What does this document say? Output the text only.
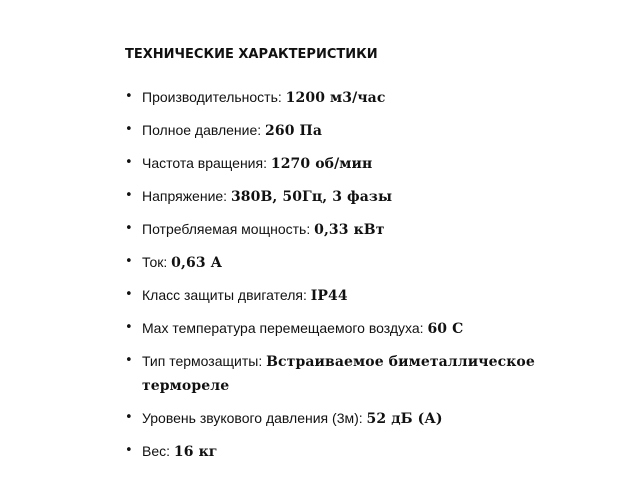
ТЕХНИЧЕСКИЕ ХАРАКТЕРИСТИКИ
• Производительность: 1200 м3/час
• Полное давление: 260 Па
• Частота вращения: 1270 об/мин
• Напряжение: 380В, 50Гц, 3 фазы
• Потребляемая мощность: 0,33 кВт
• Ток: 0,63 А
• Класс защиты двигателя: IP44
• Max температура перемещаемого воздуха: 60 С
• Тип термозащиты: Встраиваемое биметаллическое термореле
• Уровень звукового давления (3м): 52 дБ (А)
• Вес: 16 кг
